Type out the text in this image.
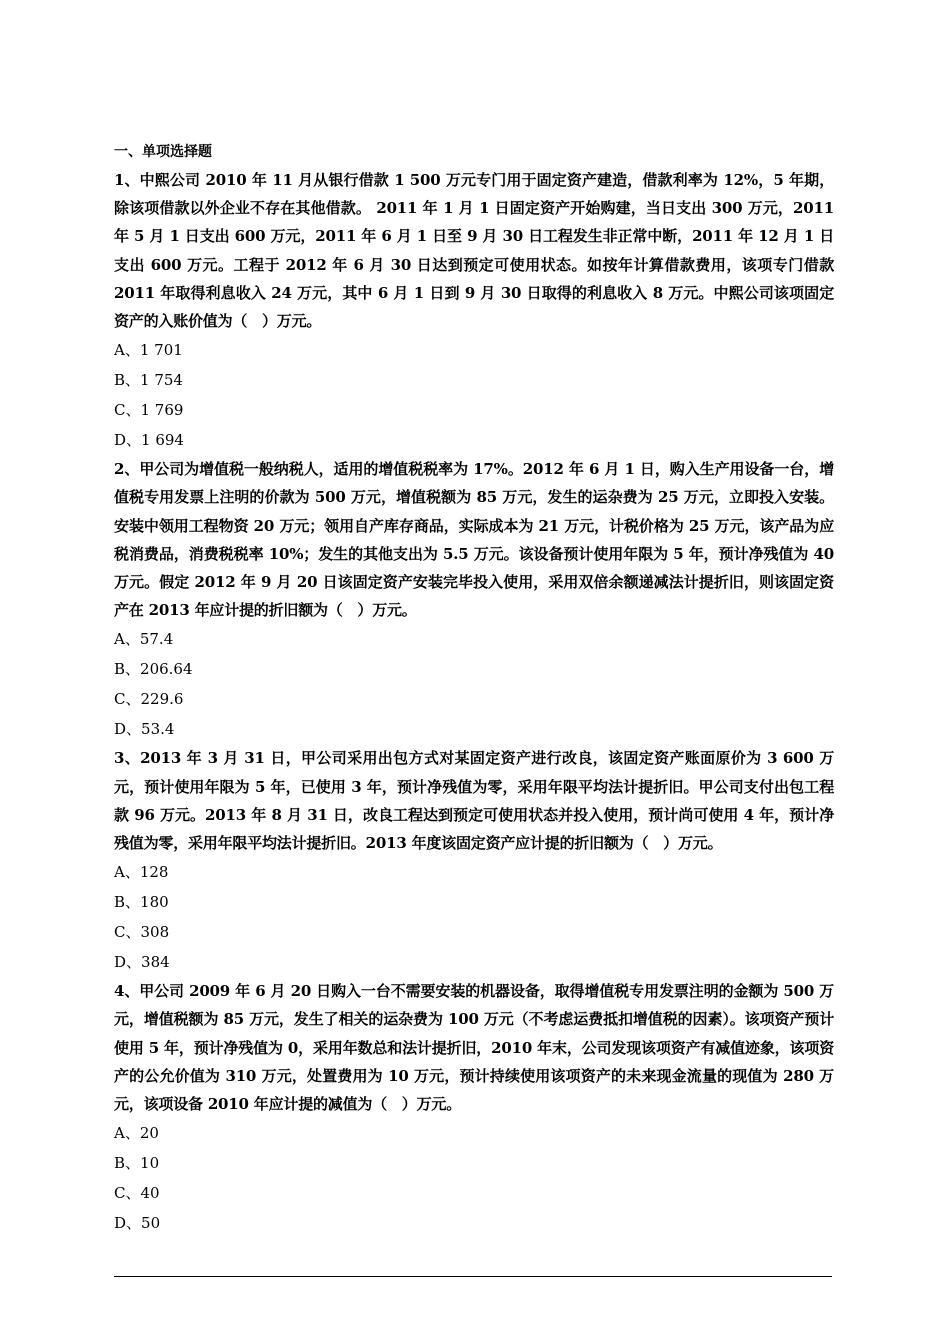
一、单项选择题

1、中熙公司 2010 年 11 月从银行借款 1 500 万元专门用于固定资产建造，借款利率为 12%，5 年期，除该项借款以外企业不存在其他借款。 2011 年 1 月 1 日固定资产开始购建，当日支出 300 万元，2011 年 5 月 1 日支出 600 万元，2011 年 6 月 1 日至 9 月 30 日工程发生非正常中断，2011 年 12 月 1 日支出 600 万元。工程于 2012 年 6 月 30 日达到预定可使用状态。如按年计算借款费用，该项专门借款 2011 年取得利息收入 24 万元，其中 6 月 1 日到 9 月 30 日取得的利息收入 8 万元。中熙公司该项固定资产的入账价值为（　）万元。

A、1 701
B、1 754
C、1 769
D、1 694

2、甲公司为增值税一般纳税人，适用的增值税税率为 17%。2012 年 6 月 1 日，购入生产用设备一台，增值税专用发票上注明的价款为 500 万元，增值税额为 85 万元，发生的运杂费为 25 万元，立即投入安装。安装中领用工程物资 20 万元；领用自产库存商品，实际成本为 21 万元，计税价格为 25 万元，该产品为应税消费品，消费税税率 10%；发生的其他支出为 5.5 万元。该设备预计使用年限为 5 年，预计净残值为 40 万元。假定 2012 年 9 月 20 日该固定资产安装完毕投入使用，采用双倍余额递减法计提折旧，则该固定资产在 2013 年应计提的折旧额为（　）万元。

A、57.4
B、206.64
C、229.6
D、53.4

3、2013 年 3 月 31 日，甲公司采用出包方式对某固定资产进行改良，该固定资产账面原价为 3 600 万元，预计使用年限为 5 年，已使用 3 年，预计净残值为零，采用年限平均法计提折旧。甲公司支付出包工程款 96 万元。2013 年 8 月 31 日，改良工程达到预定可使用状态并投入使用，预计尚可使用 4 年，预计净残值为零，采用年限平均法计提折旧。2013 年度该固定资产应计提的折旧额为（　）万元。

A、128
B、180
C、308
D、384

4、甲公司 2009 年 6 月 20 日购入一台不需要安装的机器设备，取得增值税专用发票注明的金额为 500 万元，增值税额为 85 万元，发生了相关的运杂费为 100 万元（不考虑运费抵扣增值税的因素）。该项资产预计使用 5 年，预计净残值为 0，采用年数总和法计提折旧，2010 年末，公司发现该项资产有减值迹象，该项资产的公允价值为 310 万元，处置费用为 10 万元，预计持续使用该项资产的未来现金流量的现值为 280 万元，该项设备 2010 年应计提的减值为（　）万元。

A、20
B、10
C、40
D、50
